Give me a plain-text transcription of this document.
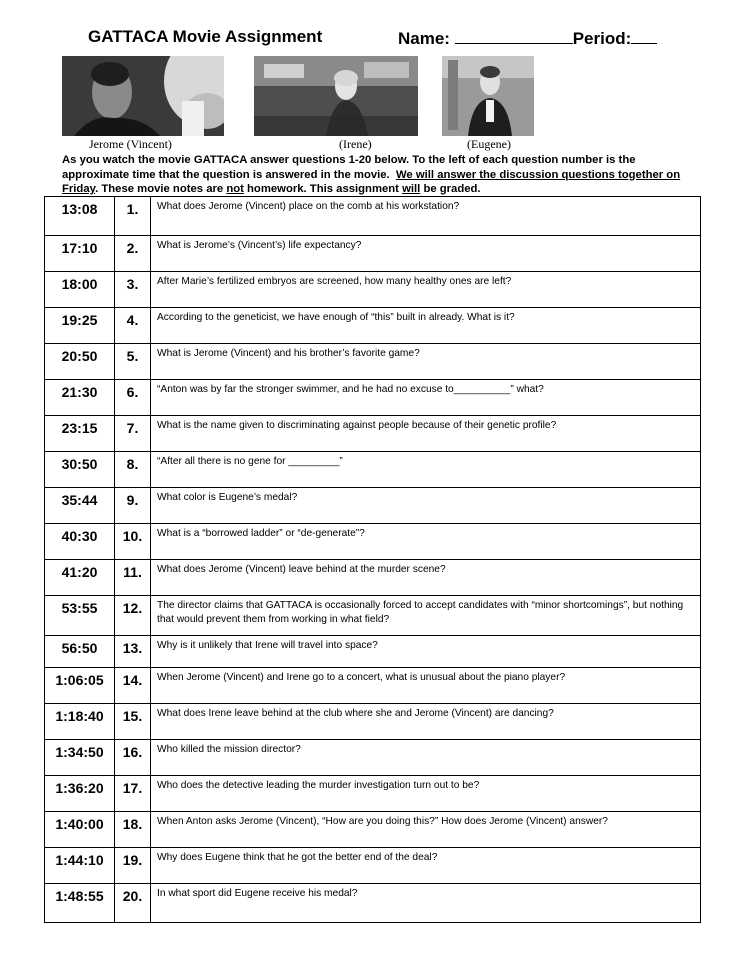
GATTACA Movie Assignment	Name:	Period:
Jerome (Vincent)	(Irene)	(Eugene)
As you watch the movie GATTACA answer questions 1-20 below. To the left of each question number is the approximate time that the question is answered in the movie. We will answer the discussion questions together on Friday. These movie notes are not homework. This assignment will be graded.
13:08	1.	What does Jerome (Vincent) place on the comb at his workstation?
17:10	2.	What is Jerome’s (Vincent’s) life expectancy?
18:00	3.	After Marie’s fertilized embryos are screened, how many healthy ones are left?
19:25	4.	According to the geneticist, we have enough of “this” built in already. What is it?
20:50	5.	What is Jerome (Vincent) and his brother’s favorite game?
21:30	6.	“Anton was by far the stronger swimmer, and he had no excuse to__________” what?
23:15	7.	What is the name given to discriminating against people because of their genetic profile?
30:50	8.	“After all there is no gene for _________”
35:44	9.	What color is Eugene’s medal?
40:30	10.	What is a “borrowed ladder” or “de-generate”?
41:20	11.	What does Jerome (Vincent) leave behind at the murder scene?
53:55	12.	The director claims that GATTACA is occasionally forced to accept candidates with “minor shortcomings”, but nothing that would prevent them from working in what field?
56:50	13.	Why is it unlikely that Irene will travel into space?
1:06:05	14.	When Jerome (Vincent) and Irene go to a concert, what is unusual about the piano player?
1:18:40	15.	What does Irene leave behind at the club where she and Jerome (Vincent) are dancing?
1:34:50	16.	Who killed the mission director?
1:36:20	17.	Who does the detective leading the murder investigation turn out to be?
1:40:00	18.	When Anton asks Jerome (Vincent), “How are you doing this?” How does Jerome (Vincent) answer?
1:44:10	19.	Why does Eugene think that he got the better end of the deal?
1:48:55	20.	In what sport did Eugene receive his medal?
